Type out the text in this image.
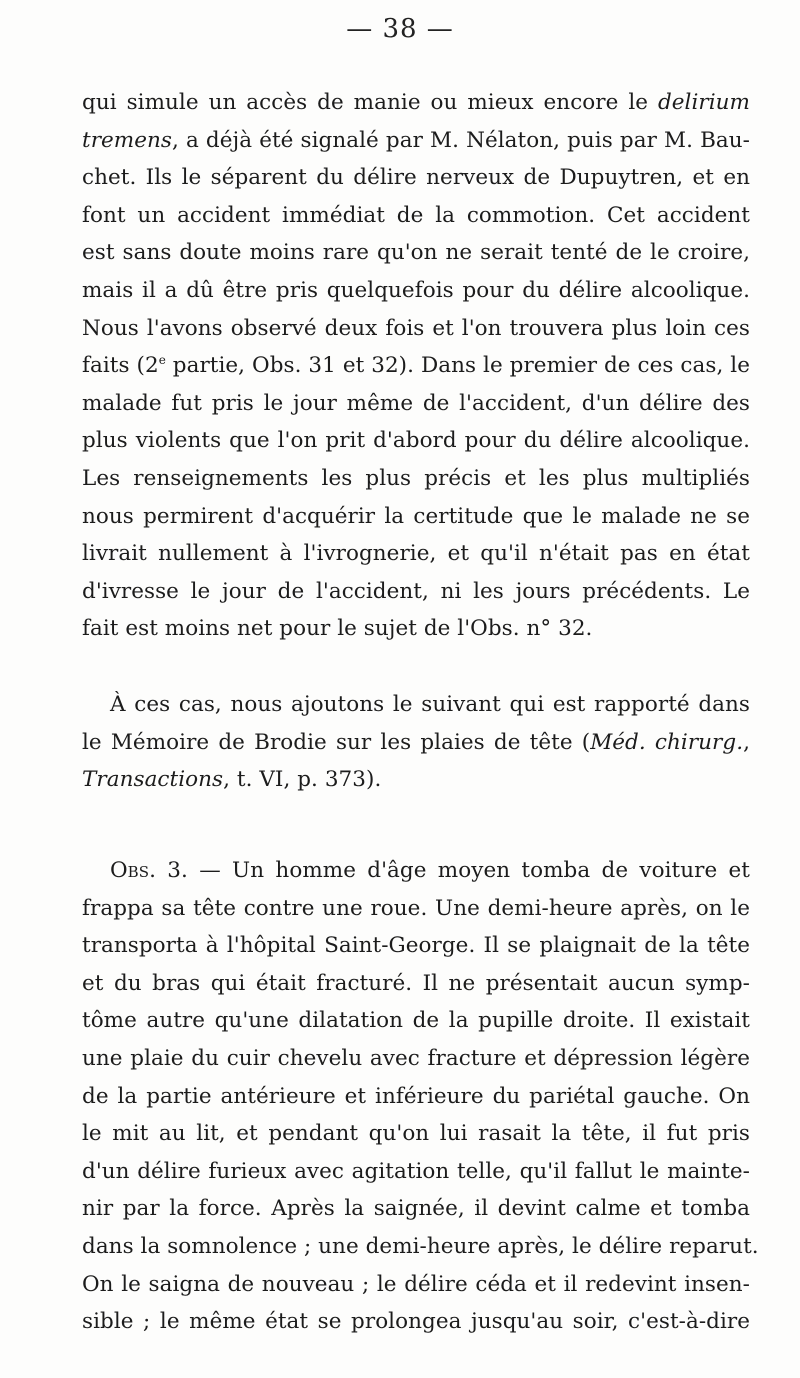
— 38 —
qui simule un accès de manie ou mieux encore le delirium
tremens, a déjà été signalé par M. Nélaton, puis par M. Bau-
chet. Ils le séparent du délire nerveux de Dupuytren, et en
font un accident immédiat de la commotion. Cet accident
est sans doute moins rare qu'on ne serait tenté de le croire,
mais il a dû être pris quelquefois pour du délire alcoolique.
Nous l'avons observé deux fois et l'on trouvera plus loin ces
faits (2e partie, Obs. 31 et 32). Dans le premier de ces cas, le
malade fut pris le jour même de l'accident, d'un délire des
plus violents que l'on prit d'abord pour du délire alcoolique.
Les renseignements les plus précis et les plus multipliés
nous permirent d'acquérir la certitude que le malade ne se
livrait nullement à l'ivrognerie, et qu'il n'était pas en état
d'ivresse le jour de l'accident, ni les jours précédents. Le
fait est moins net pour le sujet de l'Obs. n° 32.
À ces cas, nous ajoutons le suivant qui est rapporté dans
le Mémoire de Brodie sur les plaies de tête (Méd. chirurg.,
Transactions, t. VI, p. 373).
Obs. 3. — Un homme d'âge moyen tomba de voiture et
frappa sa tête contre une roue. Une demi-heure après, on le
transporta à l'hôpital Saint-George. Il se plaignait de la tête
et du bras qui était fracturé. Il ne présentait aucun symp-
tôme autre qu'une dilatation de la pupille droite. Il existait
une plaie du cuir chevelu avec fracture et dépression légère
de la partie antérieure et inférieure du pariétal gauche. On
le mit au lit, et pendant qu'on lui rasait la tête, il fut pris
d'un délire furieux avec agitation telle, qu'il fallut le mainte-
nir par la force. Après la saignée, il devint calme et tomba
dans la somnolence ; une demi-heure après, le délire reparut.
On le saigna de nouveau ; le délire céda et il redevint insen-
sible ; le même état se prolongea jusqu'au soir, c'est-à-dire
